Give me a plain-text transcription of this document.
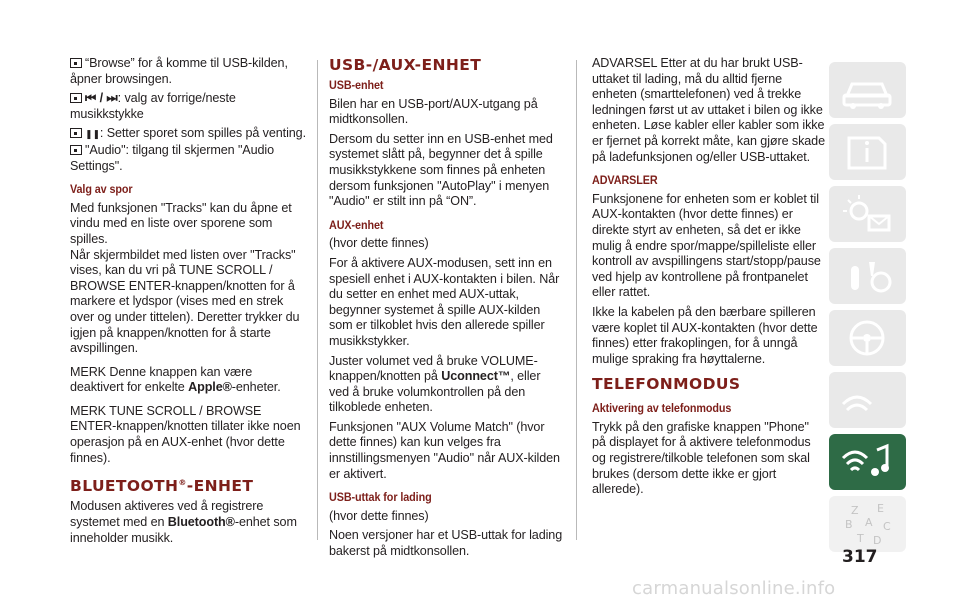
“Browse” for å komme til USB-kilden, åpner browsingen.

⏮ / ⏭: valg av forrige/neste musikkstykke

❚❚: Setter sporet som spilles på venting.

"Audio": tilgang til skjermen "Audio Settings".

Valg av spor

Med funksjonen "Tracks" kan du åpne et vindu med en liste over sporene som spilles.

Når skjermbildet med listen over "Tracks" vises, kan du vri på TUNE SCROLL / BROWSE ENTER-knappen/knotten for å markere et lydspor (vises med en strek over og under tittelen). Deretter trykker du igjen på knappen/knotten for å starte avspillingen.

MERK Denne knappen kan være deaktivert for enkelte Apple®-enheter.

MERK TUNE SCROLL / BROWSE ENTER-knappen/knotten tillater ikke noen operasjon på en AUX-enhet (hvor dette finnes).

BLUETOOTH®-ENHET

Modusen aktiveres ved å registrere systemet med en Bluetooth®-enhet som inneholder musikk.

USB-/AUX-ENHET
USB-enhet

Bilen har en USB-port/AUX-utgang på midtkonsollen.

Dersom du setter inn en USB-enhet med systemet slått på, begynner det å spille musikkstykkene som finnes på enheten dersom funksjonen "AutoPlay" i menyen "Audio" er stilt inn på “ON”.

AUX-enhet

(hvor dette finnes)

For å aktivere AUX-modusen, sett inn en spesiell enhet i AUX-kontakten i bilen. Når du setter en enhet med AUX-uttak, begynner systemet å spille AUX-kilden som er tilkoblet hvis den allerede spiller musikkstykker.

Juster volumet ved å bruke VOLUME-knappen/knotten på Uconnect™, eller ved å bruke volumkontrollen på den tilkoblede enheten.

Funksjonen "AUX Volume Match" (hvor dette finnes) kan kun velges fra innstillingsmenyen "Audio" når AUX-kilden er aktivert.

USB-uttak for lading

(hvor dette finnes)

Noen versjoner har et USB-uttak for lading bakerst på midtkonsollen.

ADVARSEL Etter at du har brukt USB-uttaket til lading, må du alltid fjerne enheten (smarttelefonen) ved å trekke ledningen først ut av uttaket i bilen og ikke enheten. Løse kabler eller kabler som ikke er fjernet på korrekt måte, kan gjøre skade på ladefunksjonen og/eller USB-uttaket.

ADVARSLER

Funksjonene for enheten som er koblet til AUX-kontakten (hvor dette finnes) er direkte styrt av enheten, så det er ikke mulig å endre spor/mappe/spilleliste eller kontroll av avspillingens start/stopp/pause ved hjelp av kontrollene på frontpanelet eller rattet.

Ikke la kabelen på den bærbare spilleren være koplet til AUX-kontakten (hvor dette finnes) etter frakoplingen, for å unngå mulige spraking fra høyttalerne.

TELEFONMODUS
Aktivering av telefonmodus

Trykk på den grafiske knappen "Phone" på displayet for å aktivere telefonmodus og registrere/tilkoble telefonen som skal brukes (dersom dette ikke er gjort allerede).

Z E
B A C
T D
317
carmanualsonline.info
